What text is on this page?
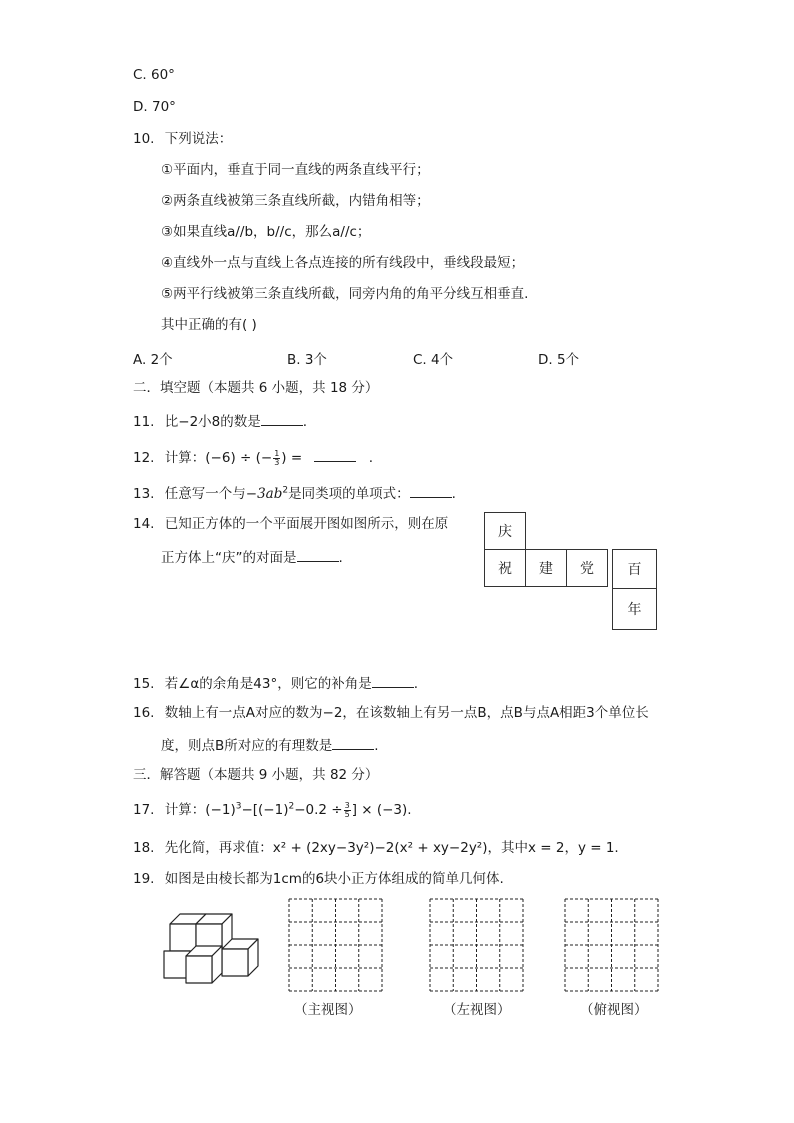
C. 60°
D. 70°
10. 下列说法：
①平面内，垂直于同一直线的两条直线平行；
②两条直线被第三条直线所截，内错角相等；
③如果直线a//b，b//c，那么a//c；
④直线外一点与直线上各点连接的所有线段中，垂线段最短；
⑤两平行线被第三条直线所截，同旁内角的角平分线互相垂直.
其中正确的有( )
A. 2个	B. 3个	C. 4个	D. 5个
二．填空题（本题共 6 小题，共 18 分）
11. 比−2小8的数是	.
12. 计算：(−6) ÷ (− $\frac{1}{3}$ ) =	.
13. 任意写一个与$-3ab^2$是同类项的单项式：	.
14. 已知正方体的一个平面展开图如图所示，则在原
正方体上“庆”的对面是	.
庆
祝	建	党	百
年
15. 若∠α的余角是43°，则它的补角是	.
16. 数轴上有一点A对应的数为−2，在该数轴上有另一点B，点B与点A相距3个单位长
度，则点B所对应的有理数是	.
三．解答题（本题共 9 小题，共 82 分）
17. 计算：$(-1)^3-[(-1)^2-0.2 \div \frac{3}{5}$ ] × (−3).
18. 先化简，再求值：x² + (2xy−3y²)−2(x² + xy−2y²)，其中x = 2，y = 1.
19. 如图是由棱长都为1cm的6块小正方体组成的简单几何体.
（主视图）	（左视图）	（俯视图）
